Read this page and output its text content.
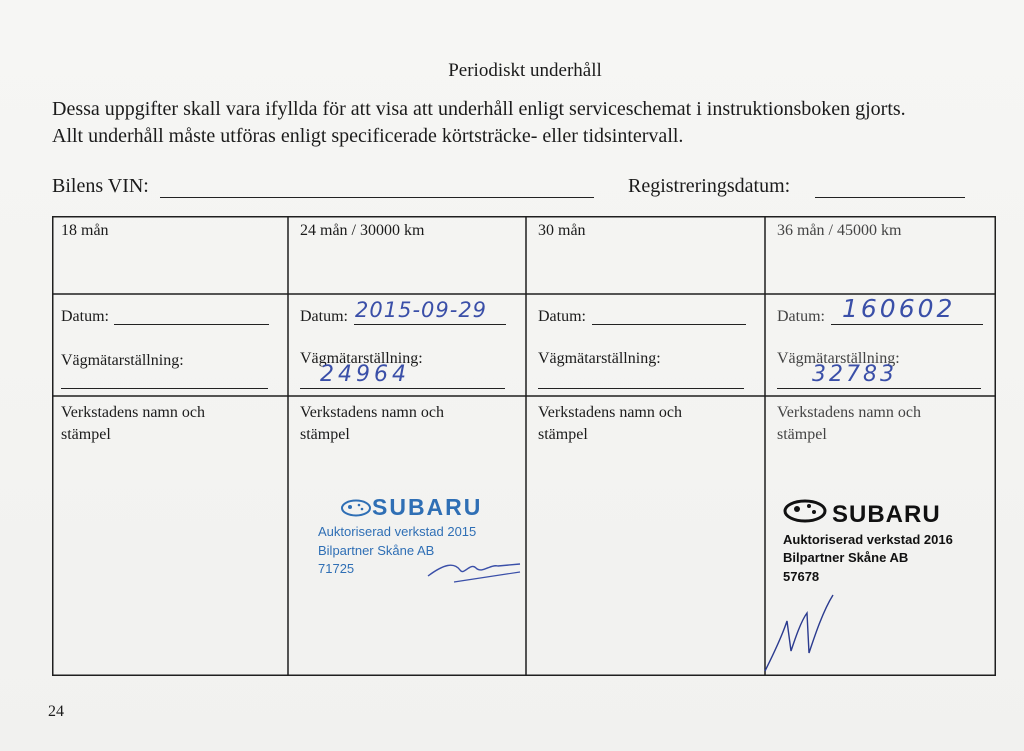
Periodiskt underhåll
Dessa uppgifter skall vara ifyllda för att visa att underhåll enligt serviceschemat i instruktionsboken gjorts.
Allt underhåll måste utföras enligt specificerade körtsträcke- eller tidsintervall.
Bilens VIN:	Registreringsdatum:
18 mån
Datum:
Vägmätarställning:
Verkstadens namn och
stämpel
24 mån / 30000 km
Datum: 2015-09-29
Vägmätarställning:
24964
Verkstadens namn och
stämpel
30 mån
Datum:
Vägmätarställning:
Verkstadens namn och
stämpel
36 mån / 45000 km
Datum: 160602
Vägmätarställning:
32783
Verkstadens namn och
stämpel
SUBARU
Auktoriserad verkstad 2015
Bilpartner Skåne AB
71725
SUBARU
Auktoriserad verkstad 2016
Bilpartner Skåne AB
57678
24
